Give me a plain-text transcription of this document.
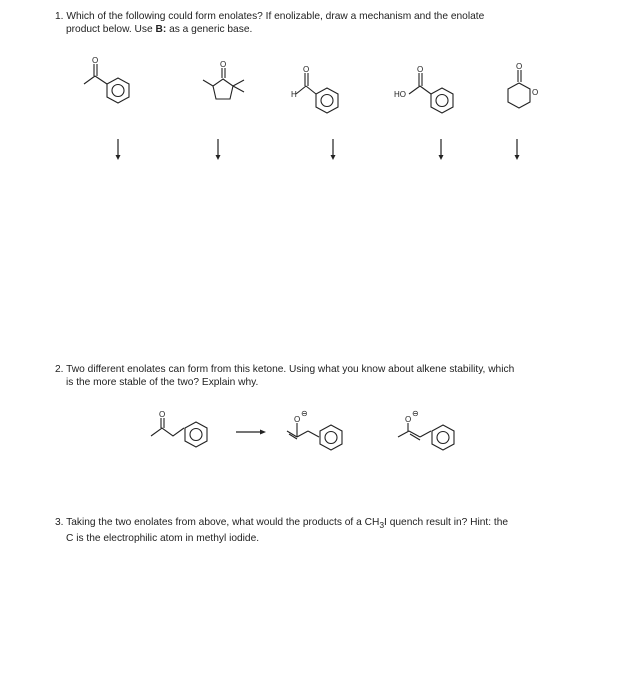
1. Which of the following could form enolates? If enolizable, draw a mechanism and the enolate
product below. Use B: as a generic base.
2. Two different enolates can form from this ketone. Using what you know about alkene stability, which
is the more stable of the two? Explain why.
3. Taking the two enolates from above, what would the products of a $CH_3I$ quench result in? Hint: the
C is the electrophilic atom in methyl iodide.
O	O
H
O
HO
O	O
O
O
O
⊖
O
⊖
